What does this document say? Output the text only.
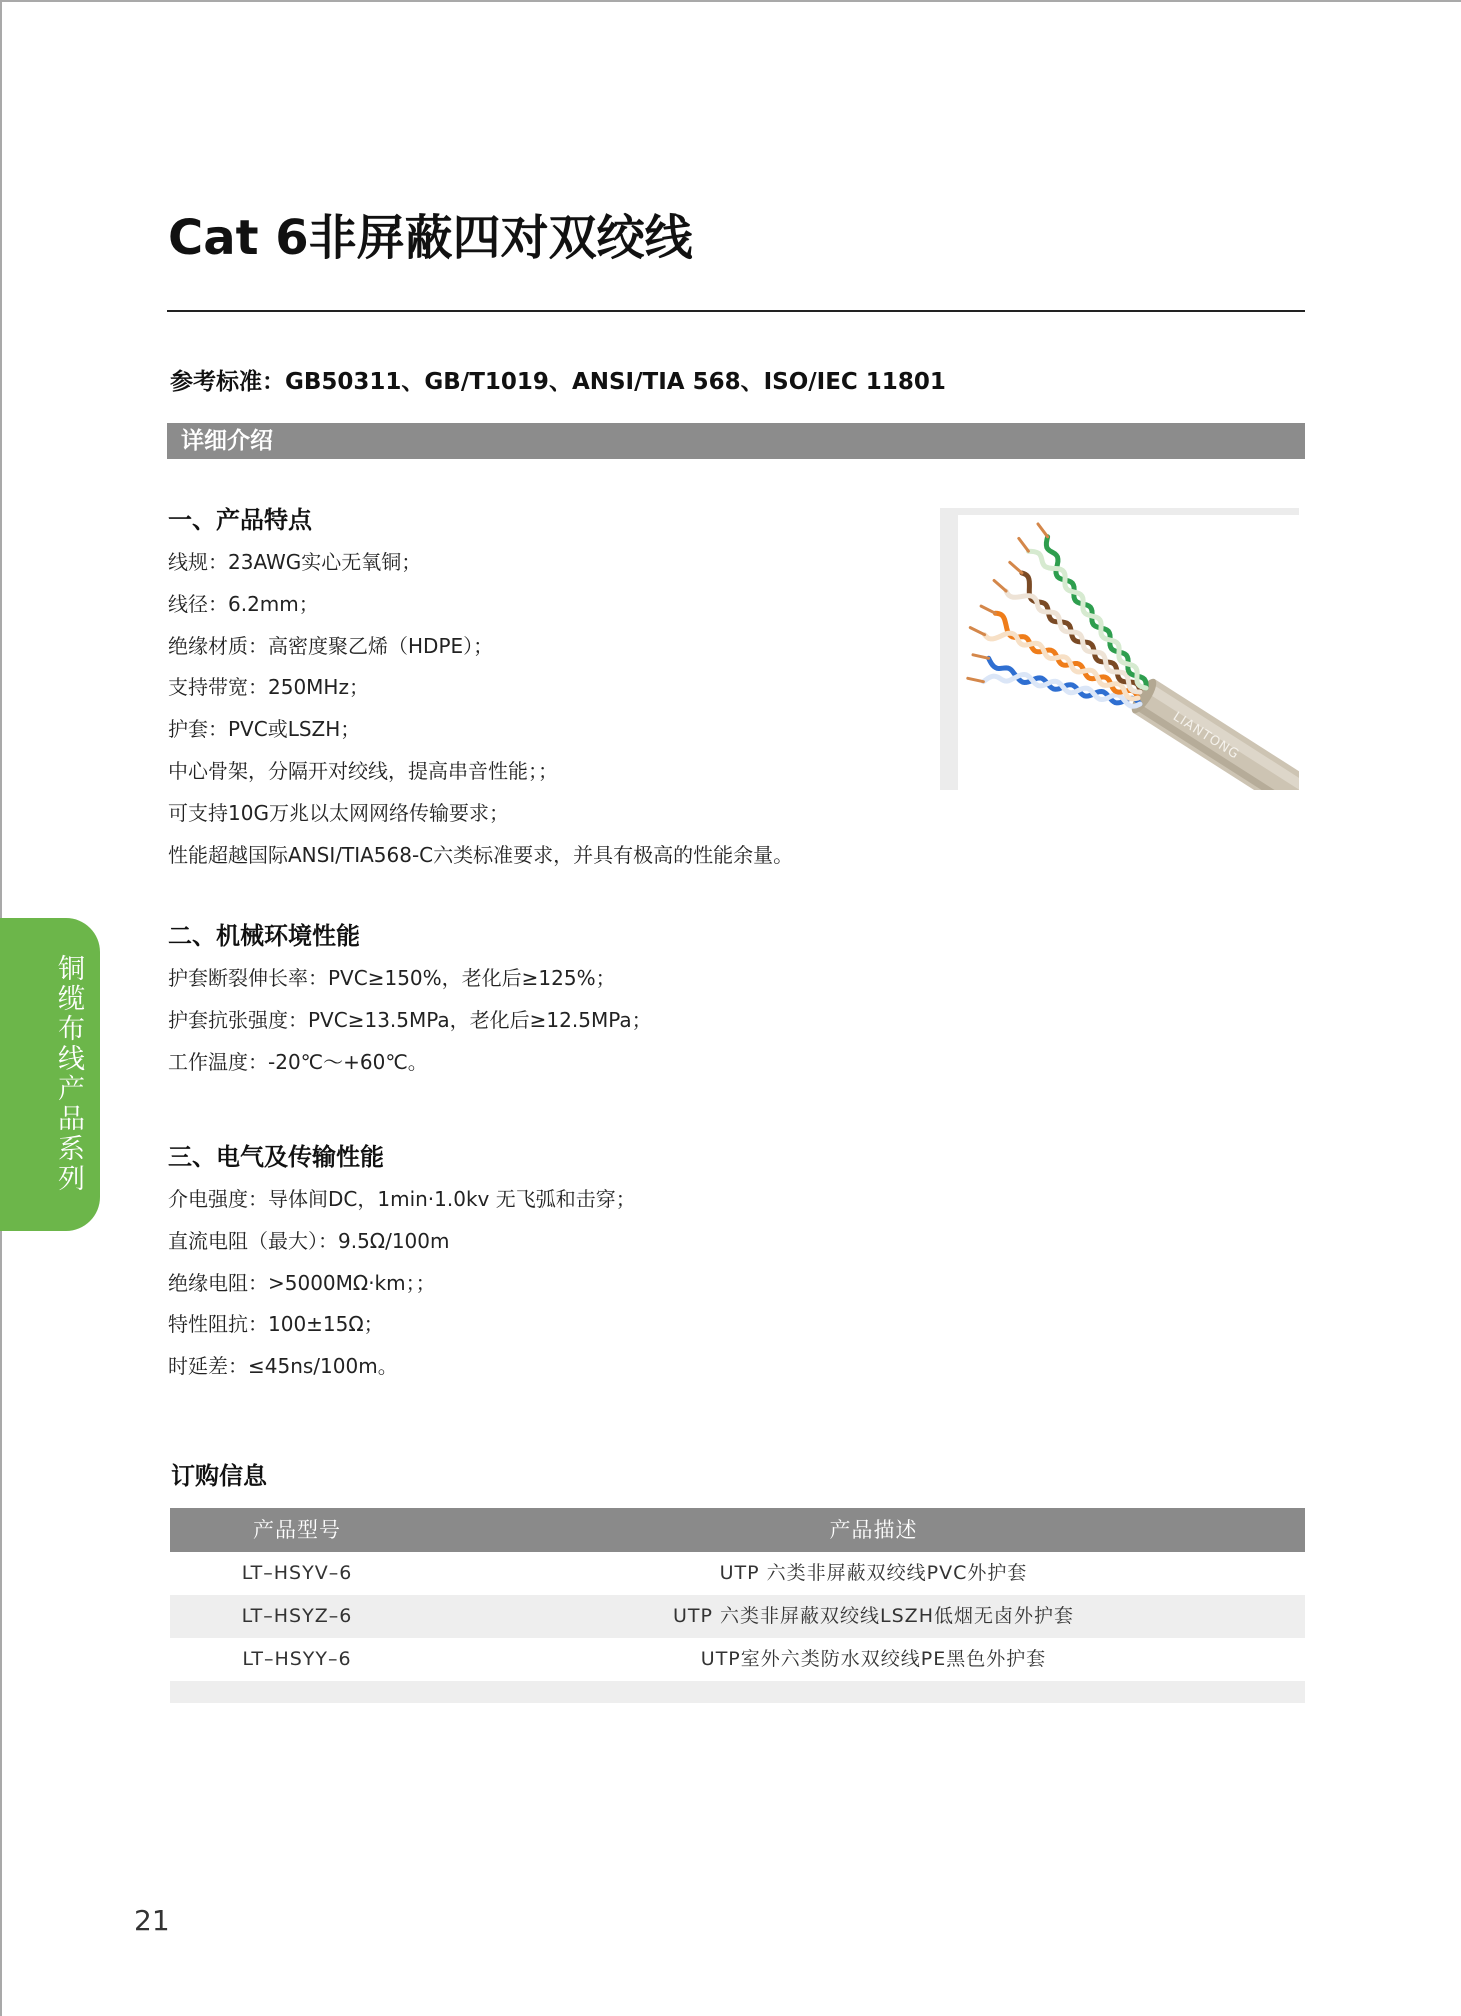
Cat 6非屏蔽四对双绞线
参考标准：GB50311、GB/T1019、ANSI/TIA 568、ISO/IEC 11801
详细介绍
一、产品特点
线规：23AWG实心无氧铜；
线径：6.2mm；
绝缘材质：高密度聚乙烯（HDPE）；
支持带宽：250MHz；
护套：PVC或LSZH；
中心骨架，分隔开对绞线，提高串音性能；；
可支持10G万兆以太网网络传输要求；
性能超越国际ANSI/TIA568-C六类标准要求，并具有极高的性能余量。
LIANTONG
二、机械环境性能
护套断裂伸长率：PVC≥150%，老化后≥125%；
护套抗张强度：PVC≥13.5MPa，老化后≥12.5MPa；
工作温度：-20℃～+60℃。
三、电气及传输性能
介电强度：导体间DC，1min·1.0kv 无飞弧和击穿；
直流电阻（最大）：9.5Ω/100m
绝缘电阻：>5000MΩ·km；；
特性阻抗：100±15Ω；
时延差：≤45ns/100m。
铜缆布线产品系列
订购信息
产品型号	产品描述
LT–HSYV–6	UTP 六类非屏蔽双绞线PVC外护套
LT–HSYZ–6	UTP 六类非屏蔽双绞线LSZH低烟无卤外护套
LT–HSYY–6	UTP室外六类防水双绞线PE黑色外护套
21
